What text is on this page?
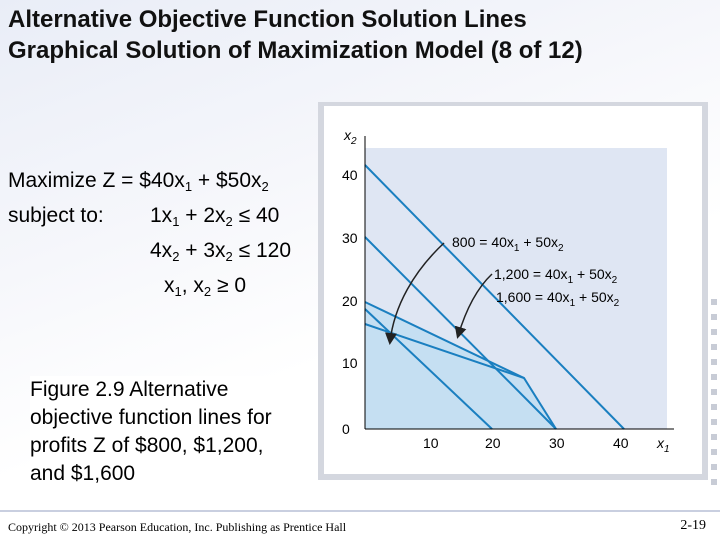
Alternative Objective Function Solution Lines
Graphical Solution of Maximization Model (8 of 12)
Maximize $Z = \$40x_1$ + $\$50x_2$
subject to: $1x_1 + 2x_2 \le 40$
$4x_2 + 3x_2 \le 120$
$x_1$, $x_2 \ge 0$
$x_2$
$x_1$
0
10
20
30
40
10	20	30	40
$800 = 40x_1 + 50x_2$
$1,200 = 40x_1 + 50x_2$
$1,600 = 40x_1 + 50x_2$
Figure 2.9 Alternative objective function lines for profits Z of $800, $1,200, and $1,600
Copyright © 2013 Pearson Education, Inc. Publishing as Prentice Hall	2-19
